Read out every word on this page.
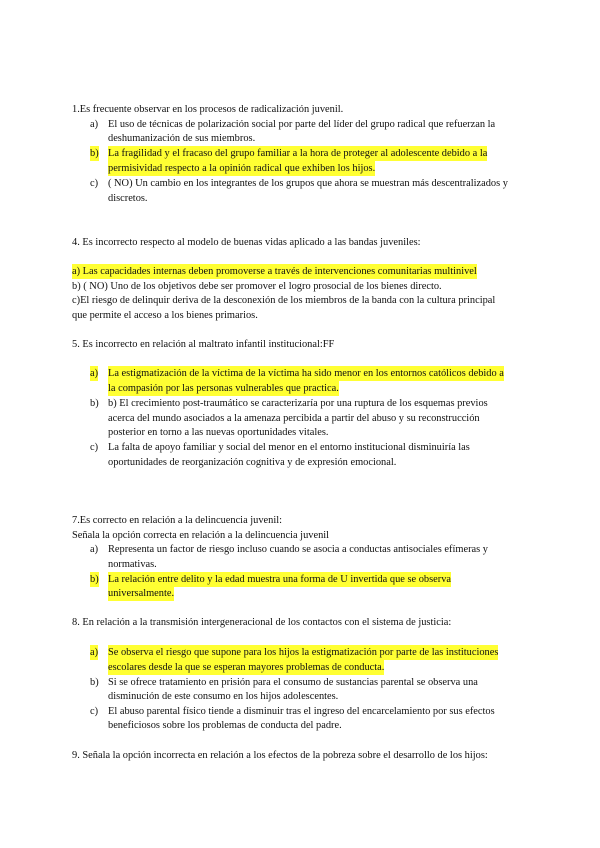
1.Es frecuente observar en los procesos de radicalización juvenil.
a) El uso de técnicas de polarización social por parte del líder del grupo radical que refuerzan la
deshumanización de sus miembros.
b) La fragilidad y el fracaso del grupo familiar a la hora de proteger al adolescente debido a la
permisividad respecto a la opinión radical que exhiben los hijos.
c) ( NO) Un cambio en los integrantes de los grupos que ahora se muestran más descentralizados y
discretos.
4. Es incorrecto respecto al modelo de buenas vidas aplicado a las bandas juveniles:
a) Las capacidades internas deben promoverse a través de intervenciones comunitarias multinivel
b) ( NO) Uno de los objetivos debe ser promover el logro prosocial de los bienes directo.
c)El riesgo de delinquir deriva de la desconexión de los miembros de la banda con la cultura principal
que permite el acceso a los bienes primarios.
5. Es incorrecto en relación al maltrato infantil institucional:FF
a) La estigmatización de la víctima de la víctima ha sido menor en los entornos católicos debido a
la compasión por las personas vulnerables que practica.
b) b) El crecimiento post-traumático se caracterizaría por una ruptura de los esquemas previos
acerca del mundo asociados a la amenaza percibida a partir del abuso y su reconstrucción
posterior en torno a las nuevas oportunidades vitales.
c) La falta de apoyo familiar y social del menor en el entorno institucional disminuiría las
oportunidades de reorganización cognitiva y de expresión emocional.
7.Es correcto en relación a la delincuencia juvenil:
Señala la opción correcta en relación a la delincuencia juvenil
a) Representa un factor de riesgo incluso cuando se asocia a conductas antisociales efímeras y
normativas.
b) La relación entre delito y la edad muestra una forma de U invertida que se observa
universalmente.
8. En relación a la transmisión intergeneracional de los contactos con el sistema de justicia:
a) Se observa el riesgo que supone para los hijos la estigmatización por parte de las instituciones
escolares desde la que se esperan mayores problemas de conducta.
b) Si se ofrece tratamiento en prisión para el consumo de sustancias parental se observa una
disminución de este consumo en los hijos adolescentes.
c) El abuso parental físico tiende a disminuir tras el ingreso del encarcelamiento por sus efectos
beneficiosos sobre los problemas de conducta del padre.
9. Señala la opción incorrecta en relación a los efectos de la pobreza sobre el desarrollo de los hijos:
